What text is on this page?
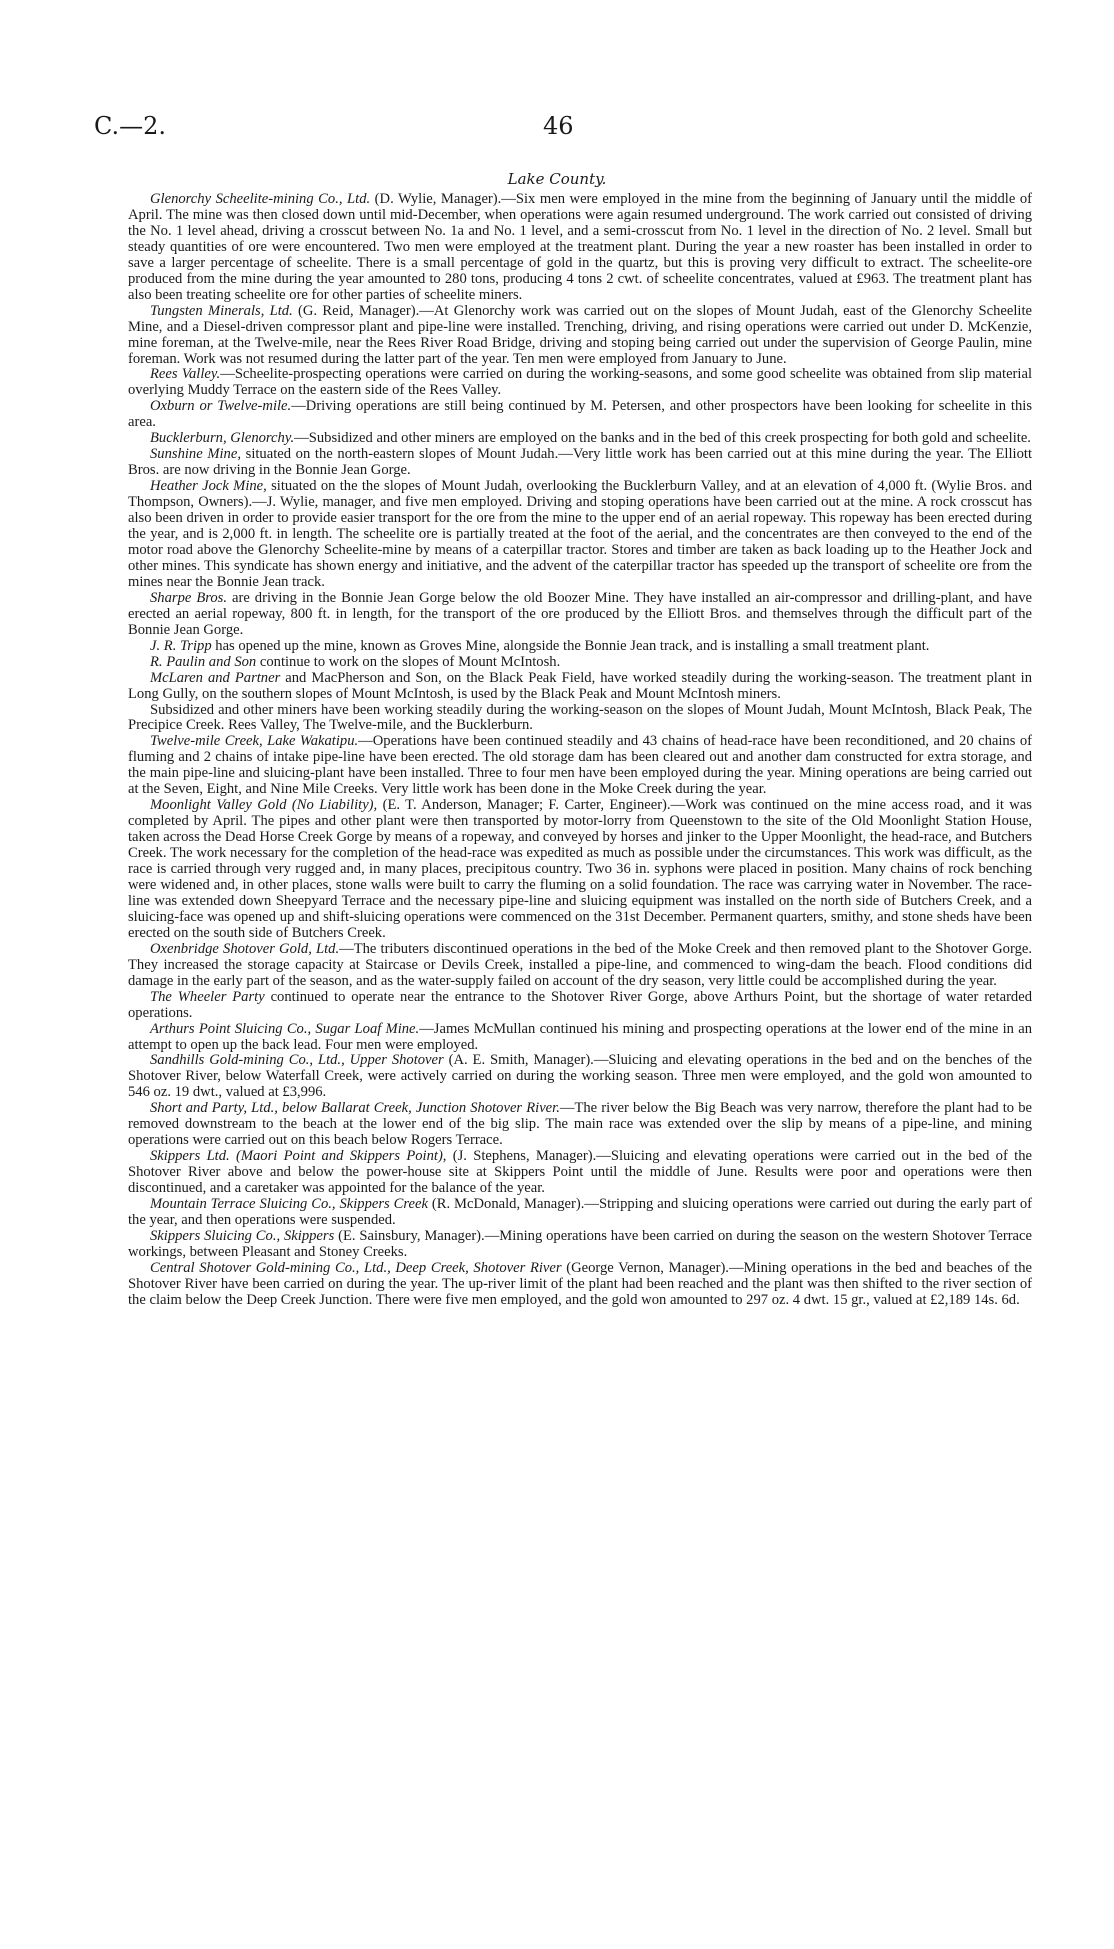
C.—2.	46
Lake County.

Glenorchy Scheelite-mining Co., Ltd. (D. Wylie, Manager).—Six men were employed in the mine from the beginning of January until the middle of April. The mine was then closed down until mid-December, when operations were again resumed underground. The work carried out consisted of driving the No. 1 level ahead, driving a crosscut between No. 1a and No. 1 level, and a semi-crosscut from No. 1 level in the direction of No. 2 level. Small but steady quantities of ore were encountered. Two men were employed at the treatment plant. During the year a new roaster has been installed in order to save a larger percentage of scheelite. There is a small percentage of gold in the quartz, but this is proving very difficult to extract. The scheelite-ore produced from the mine during the year amounted to 280 tons, producing 4 tons 2 cwt. of scheelite concentrates, valued at £963. The treatment plant has also been treating scheelite ore for other parties of scheelite miners.

Tungsten Minerals, Ltd. (G. Reid, Manager).—At Glenorchy work was carried out on the slopes of Mount Judah, east of the Glenorchy Scheelite Mine, and a Diesel-driven compressor plant and pipe-line were installed. Trenching, driving, and rising operations were carried out under D. McKenzie, mine foreman, at the Twelve-mile, near the Rees River Road Bridge, driving and stoping being carried out under the supervision of George Paulin, mine foreman. Work was not resumed during the latter part of the year. Ten men were employed from January to June.

Rees Valley.—Scheelite-prospecting operations were carried on during the working-seasons, and some good scheelite was obtained from slip material overlying Muddy Terrace on the eastern side of the Rees Valley.

Oxburn or Twelve-mile.—Driving operations are still being continued by M. Petersen, and other prospectors have been looking for scheelite in this area.

Bucklerburn, Glenorchy.—Subsidized and other miners are employed on the banks and in the bed of this creek prospecting for both gold and scheelite.

Sunshine Mine, situated on the north-eastern slopes of Mount Judah.—Very little work has been carried out at this mine during the year. The Elliott Bros. are now driving in the Bonnie Jean Gorge.

Heather Jock Mine, situated on the the slopes of Mount Judah, overlooking the Bucklerburn Valley, and at an elevation of 4,000 ft. (Wylie Bros. and Thompson, Owners).—J. Wylie, manager, and five men employed. Driving and stoping operations have been carried out at the mine. A rock crosscut has also been driven in order to provide easier transport for the ore from the mine to the upper end of an aerial ropeway. This ropeway has been erected during the year, and is 2,000 ft. in length. The scheelite ore is partially treated at the foot of the aerial, and the concentrates are then conveyed to the end of the motor road above the Glenorchy Scheelite-mine by means of a caterpillar tractor. Stores and timber are taken as back loading up to the Heather Jock and other mines. This syndicate has shown energy and initiative, and the advent of the caterpillar tractor has speeded up the transport of scheelite ore from the mines near the Bonnie Jean track.

Sharpe Bros. are driving in the Bonnie Jean Gorge below the old Boozer Mine. They have installed an air-compressor and drilling-plant, and have erected an aerial ropeway, 800 ft. in length, for the transport of the ore produced by the Elliott Bros. and themselves through the difficult part of the Bonnie Jean Gorge.

J. R. Tripp has opened up the mine, known as Groves Mine, alongside the Bonnie Jean track, and is installing a small treatment plant.

R. Paulin and Son continue to work on the slopes of Mount McIntosh.

McLaren and Partner and MacPherson and Son, on the Black Peak Field, have worked steadily during the working-season. The treatment plant in Long Gully, on the southern slopes of Mount McIntosh, is used by the Black Peak and Mount McIntosh miners.

Subsidized and other miners have been working steadily during the working-season on the slopes of Mount Judah, Mount McIntosh, Black Peak, The Precipice Creek. Rees Valley, The Twelve-mile, and the Bucklerburn.

Twelve-mile Creek, Lake Wakatipu.—Operations have been continued steadily and 43 chains of head-race have been reconditioned, and 20 chains of fluming and 2 chains of intake pipe-line have been erected. The old storage dam has been cleared out and another dam constructed for extra storage, and the main pipe-line and sluicing-plant have been installed. Three to four men have been employed during the year. Mining operations are being carried out at the Seven, Eight, and Nine Mile Creeks. Very little work has been done in the Moke Creek during the year.

Moonlight Valley Gold (No Liability), (E. T. Anderson, Manager; F. Carter, Engineer).—Work was continued on the mine access road, and it was completed by April. The pipes and other plant were then transported by motor-lorry from Queenstown to the site of the Old Moonlight Station House, taken across the Dead Horse Creek Gorge by means of a ropeway, and conveyed by horses and jinker to the Upper Moonlight, the head-race, and Butchers Creek. The work necessary for the completion of the head-race was expedited as much as possible under the circumstances. This work was difficult, as the race is carried through very rugged and, in many places, precipitous country. Two 36 in. syphons were placed in position. Many chains of rock benching were widened and, in other places, stone walls were built to carry the fluming on a solid foundation. The race was carrying water in November. The race-line was extended down Sheepyard Terrace and the necessary pipe-line and sluicing equipment was installed on the north side of Butchers Creek, and a sluicing-face was opened up and shift-sluicing operations were commenced on the 31st December. Permanent quarters, smithy, and stone sheds have been erected on the south side of Butchers Creek.

Oxenbridge Shotover Gold, Ltd.—The tributers discontinued operations in the bed of the Moke Creek and then removed plant to the Shotover Gorge. They increased the storage capacity at Staircase or Devils Creek, installed a pipe-line, and commenced to wing-dam the beach. Flood conditions did damage in the early part of the season, and as the water-supply failed on account of the dry season, very little could be accomplished during the year.

The Wheeler Party continued to operate near the entrance to the Shotover River Gorge, above Arthurs Point, but the shortage of water retarded operations.

Arthurs Point Sluicing Co., Sugar Loaf Mine.—James McMullan continued his mining and prospecting operations at the lower end of the mine in an attempt to open up the back lead. Four men were employed.

Sandhills Gold-mining Co., Ltd., Upper Shotover (A. E. Smith, Manager).—Sluicing and elevating operations in the bed and on the benches of the Shotover River, below Waterfall Creek, were actively carried on during the working season. Three men were employed, and the gold won amounted to 546 oz. 19 dwt., valued at £3,996.

Short and Party, Ltd., below Ballarat Creek, Junction Shotover River.—The river below the Big Beach was very narrow, therefore the plant had to be removed downstream to the beach at the lower end of the big slip. The main race was extended over the slip by means of a pipe-line, and mining operations were carried out on this beach below Rogers Terrace.

Skippers Ltd. (Maori Point and Skippers Point), (J. Stephens, Manager).—Sluicing and elevating operations were carried out in the bed of the Shotover River above and below the power-house site at Skippers Point until the middle of June. Results were poor and operations were then discontinued, and a caretaker was appointed for the balance of the year.

Mountain Terrace Sluicing Co., Skippers Creek (R. McDonald, Manager).—Stripping and sluicing operations were carried out during the early part of the year, and then operations were suspended.

Skippers Sluicing Co., Skippers (E. Sainsbury, Manager).—Mining operations have been carried on during the season on the western Shotover Terrace workings, between Pleasant and Stoney Creeks.

Central Shotover Gold-mining Co., Ltd., Deep Creek, Shotover River (George Vernon, Manager).—Mining operations in the bed and beaches of the Shotover River have been carried on during the year. The up-river limit of the plant had been reached and the plant was then shifted to the river section of the claim below the Deep Creek Junction. There were five men employed, and the gold won amounted to 297 oz. 4 dwt. 15 gr., valued at £2,189 14s. 6d.
